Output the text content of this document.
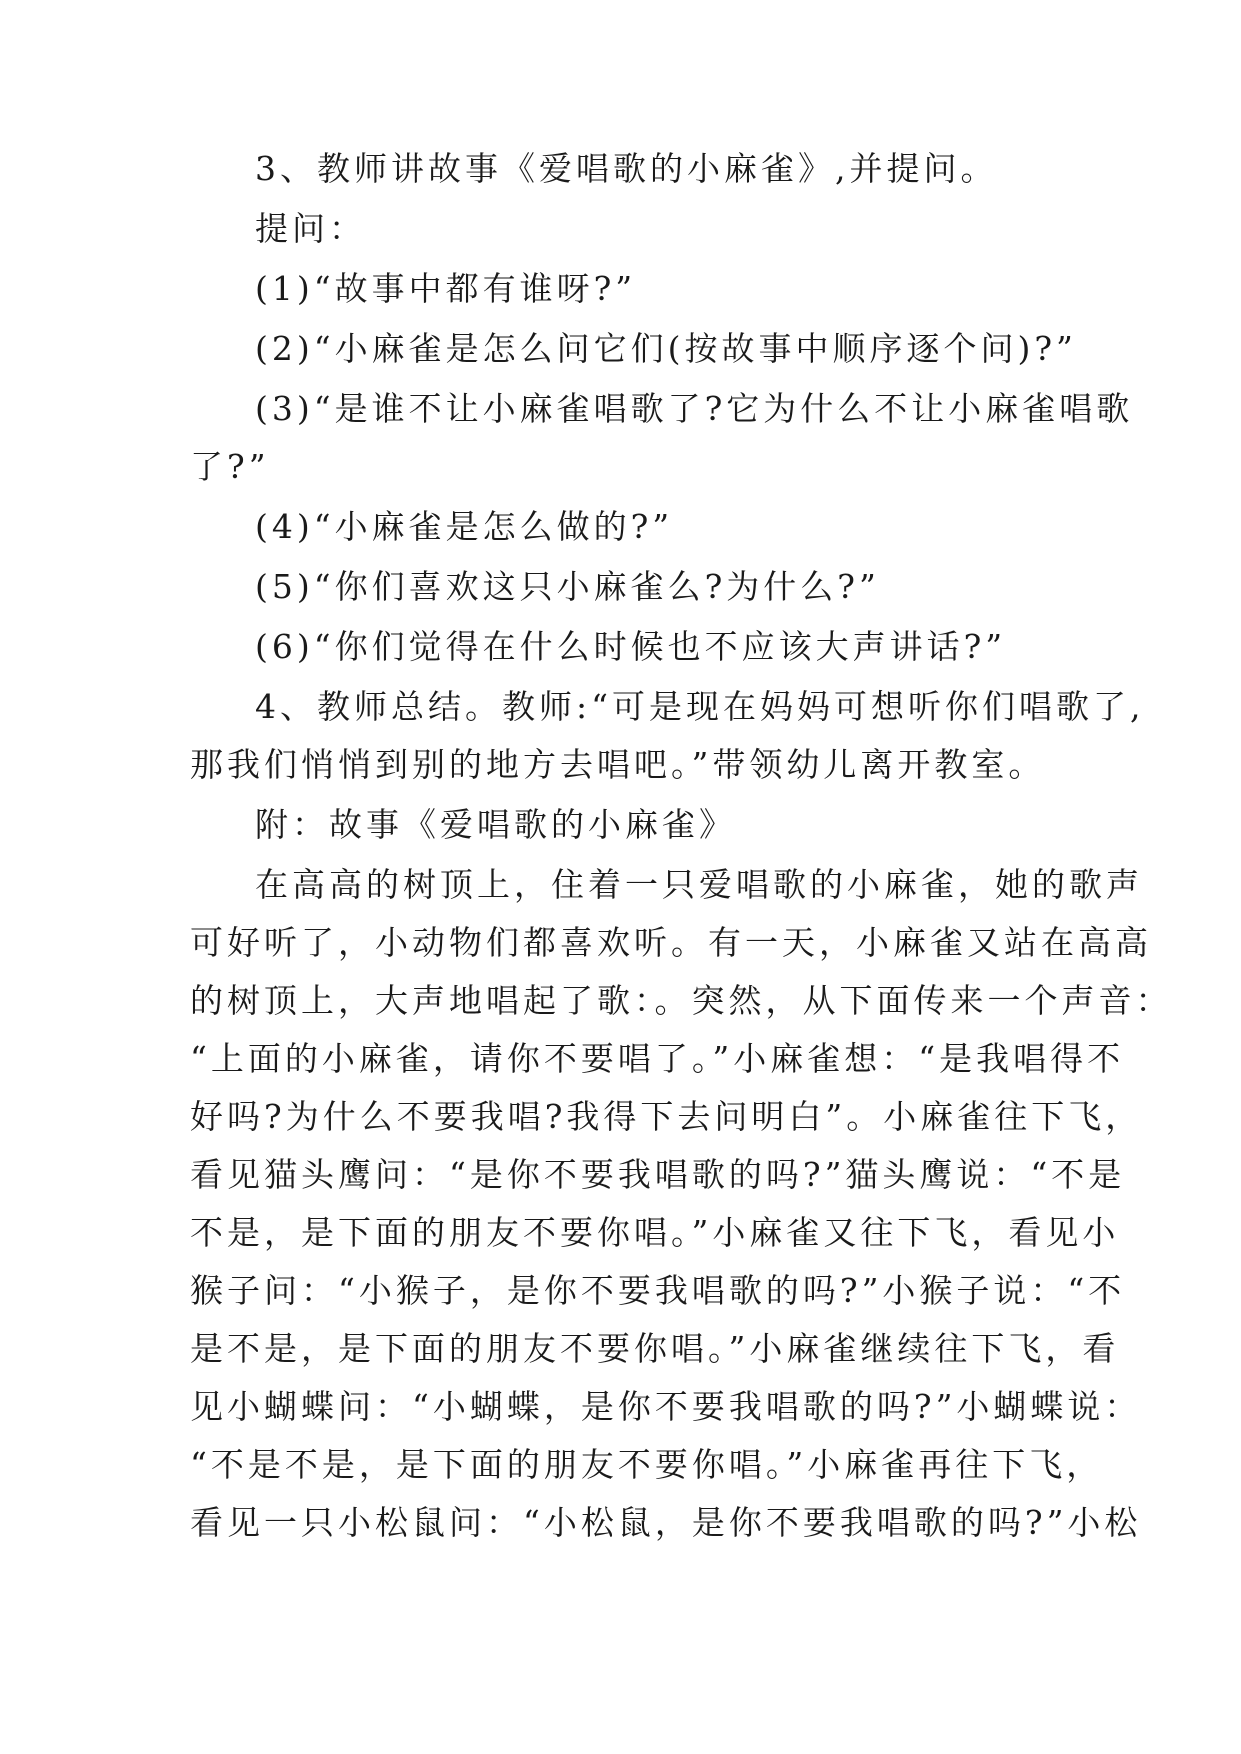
3、教师讲故事《爱唱歌的小麻雀》,并提问。
提问：
(1)“故事中都有谁呀?”
(2)“小麻雀是怎么问它们(按故事中顺序逐个问)?”
(3)“是谁不让小麻雀唱歌了?它为什么不让小麻雀唱歌
了?”
(4)“小麻雀是怎么做的?”
(5)“你们喜欢这只小麻雀么?为什么?”
(6)“你们觉得在什么时候也不应该大声讲话?”
4、教师总结。教师:“可是现在妈妈可想听你们唱歌了,
那我们悄悄到别的地方去唱吧。”带领幼儿离开教室。
附：故事《爱唱歌的小麻雀》
在高高的树顶上，住着一只爱唱歌的小麻雀，她的歌声
可好听了，小动物们都喜欢听。有一天，小麻雀又站在高高
的树顶上，大声地唱起了歌：。突然，从下面传来一个声音：
“上面的小麻雀，请你不要唱了。”小麻雀想：“是我唱得不
好吗?为什么不要我唱?我得下去问明白”。小麻雀往下飞，
看见猫头鹰问：“是你不要我唱歌的吗?”猫头鹰说：“不是
不是，是下面的朋友不要你唱。”小麻雀又往下飞，看见小
猴子问：“小猴子，是你不要我唱歌的吗?”小猴子说：“不
是不是，是下面的朋友不要你唱。”小麻雀继续往下飞，看
见小蝴蝶问：“小蝴蝶，是你不要我唱歌的吗?”小蝴蝶说：
“不是不是，是下面的朋友不要你唱。”小麻雀再往下飞，
看见一只小松鼠问：“小松鼠，是你不要我唱歌的吗?”小松
